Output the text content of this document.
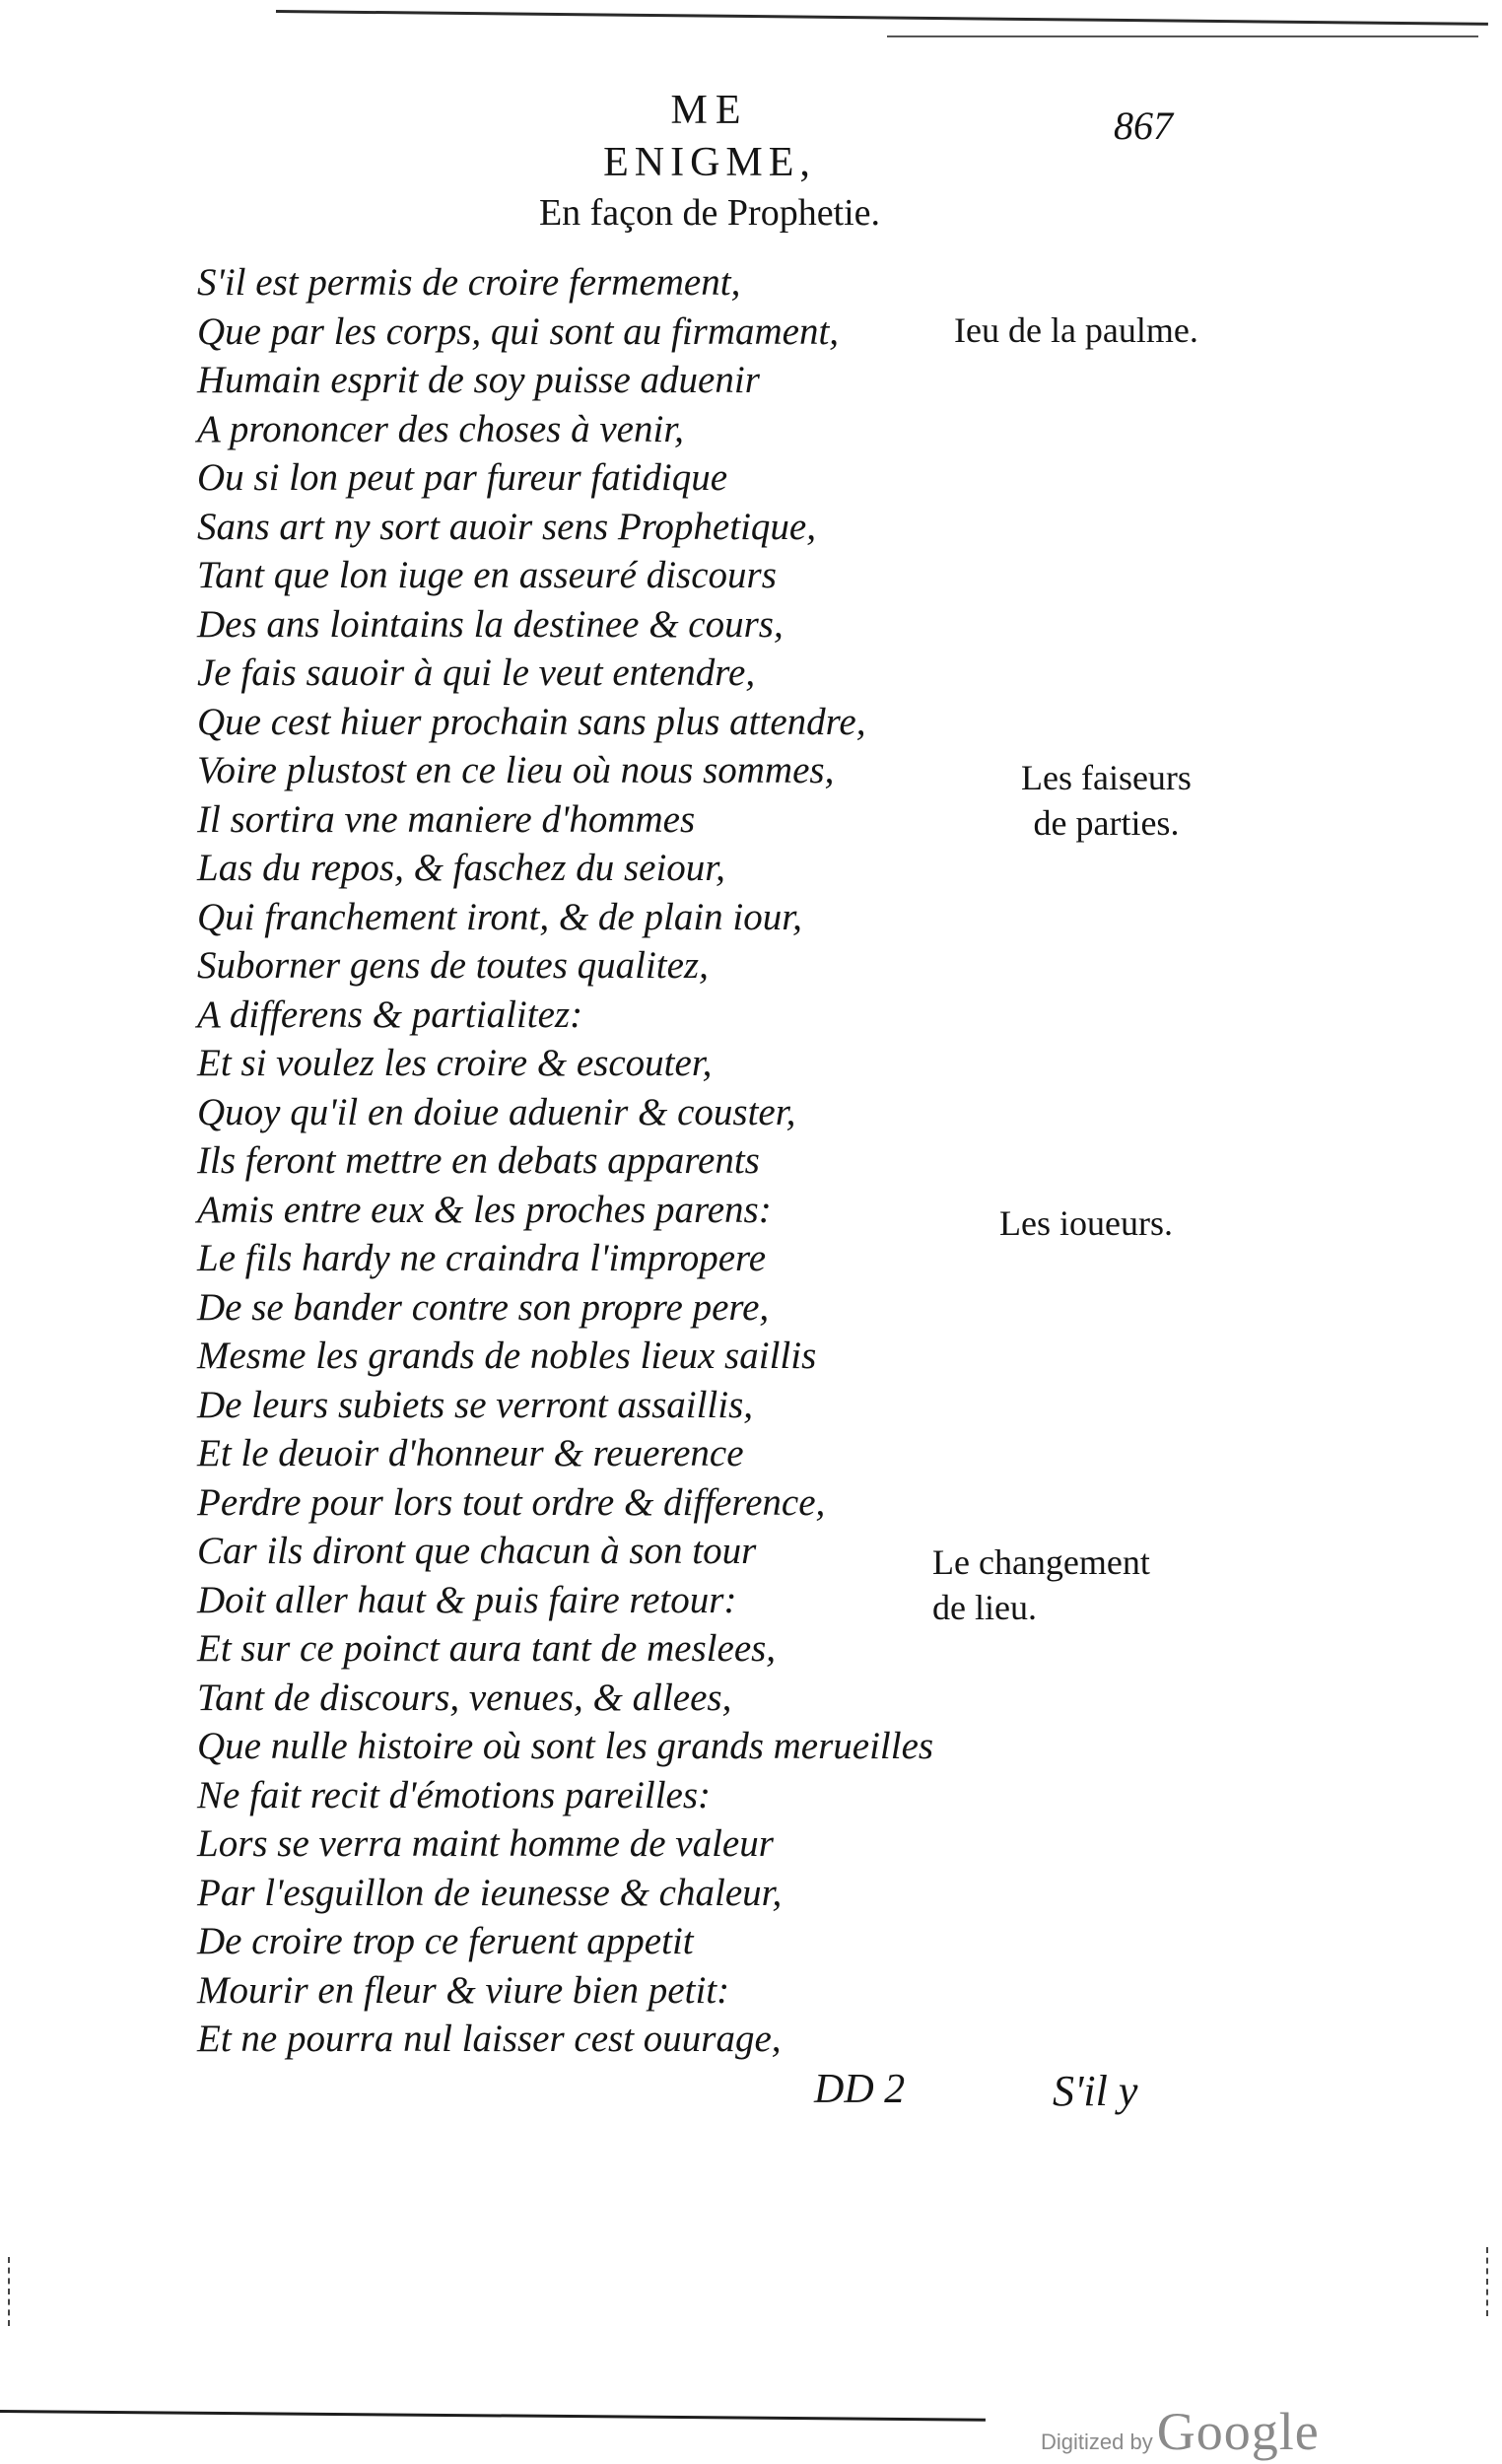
867
ME
ENIGME,
En façon de Prophetie.
S'il est permis de croire fermement,
Que par les corps, qui sont au firmament,
Humain esprit de soy puisse aduenir
A prononcer des choses à venir,
Ou si lon peut par fureur fatidique
Sans art ny sort auoir sens Prophetique,
Tant que lon iuge en asseuré discours
Des ans lointains la destinee & cours,
Je fais sauoir à qui le veut entendre,
Que cest hiuer prochain sans plus attendre,
Voire plustost en ce lieu où nous sommes,
Il sortira vne maniere d'hommes
Las du repos, & faschez du seiour,
Qui franchement iront, & de plain iour,
Suborner gens de toutes qualitez,
A differens & partialitez:
Et si voulez les croire & escouter,
Quoy qu'il en doiue aduenir & couster,
Ils feront mettre en debats apparents
Amis entre eux & les proches parens:
Le fils hardy ne craindra l'impropere
De se bander contre son propre pere,
Mesme les grands de nobles lieux saillis
De leurs subiets se verront assaillis,
Et le deuoir d'honneur & reuerence
Perdre pour lors tout ordre & difference,
Car ils diront que chacun à son tour
Doit aller haut & puis faire retour:
Et sur ce poinct aura tant de meslees,
Tant de discours, venues, & allees,
Que nulle histoire où sont les grands merueilles
Ne fait recit d'émotions pareilles:
Lors se verra maint homme de valeur
Par l'esguillon de ieunesse & chaleur,
De croire trop ce feruent appetit
Mourir en fleur & viure bien petit:
Et ne pourra nul laisser cest ouurage,
Ieu de la paulme.
Les faiseurs
de parties.
Les ioueurs.
Le changement
de lieu.
DD 2	S'il y
Digitized by Google
